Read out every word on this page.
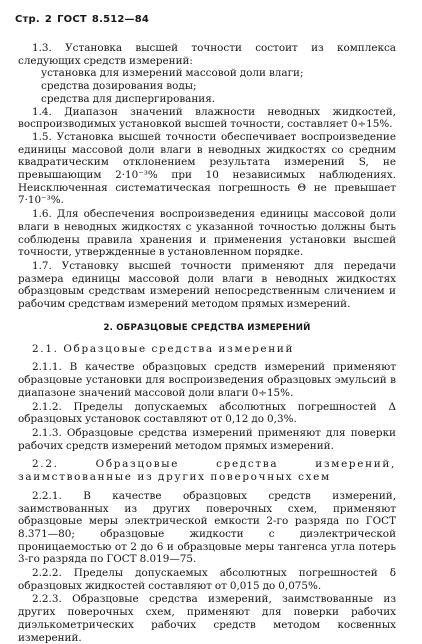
Стр. 2 ГОСТ 8.512—84

1.3. Установка высшей точности состоит из комплекса следующих средств измерений:

установка для измерений массовой доли влаги;

средства дозирования воды;

средства для диспергирования.

1.4. Диапазон значений влажности неводных жидкостей, воспроизводимых установкой высшей точности, составляет 0÷15%.

1.5. Установка высшей точности обеспечивает воспроизведение единицы массовой доли влаги в неводных жидкостях со средним квадратическим отклонением результата измерений S, не превышающим 2·10⁻³% при 10 независимых наблюдениях. Неисключенная систематическая погрешность Θ не превышает 7·10⁻³%.

1.6. Для обеспечения воспроизведения единицы массовой доли влаги в неводных жидкостях с указанной точностью должны быть соблюдены правила хранения и применения установки высшей точности, утвержденные в установленном порядке.

1.7. Установку высшей точности применяют для передачи размера единицы массовой доли влаги в неводных жидкостях образцовым средствам измерений непосредственным сличением и рабочим средствам измерений методом прямых измерений.

2. ОБРАЗЦОВЫЕ СРЕДСТВА ИЗМЕРЕНИЙ

2.1. Образцовые средства измерений

2.1.1. В качестве образцовых средств измерений применяют образцовые установки для воспроизведения образцовых эмульсий в диапазоне значений массовой доли влаги 0÷15%.

2.1.2. Пределы допускаемых абсолютных погрешностей Δ образцовых установок составляют от 0,12 до 0,3%.

2.1.3. Образцовые средства измерений применяют для поверки рабочих средств измерений методом прямых измерений.

2.2. Образцовые средства измерений, заимствованные из других поверочных схем

2.2.1. В качестве образцовых средств измерений, заимствованных из других поверочных схем, применяют образцовые меры электрической емкости 2-го разряда по ГОСТ 8.371—80; образцовые жидкости с диэлектрической проницаемостью от 2 до 6 и образцовые меры тангенса угла потерь 3-го разряда по ГОСТ 8.019—75.

2.2.2. Пределы допускаемых абсолютных погрешностей δ образцовых жидкостей составляют от 0,015 до 0,075%.

2.2.3. Образцовые средства измерений, заимствованные из других поверочных схем, применяют для поверки рабочих диэлькометрических рабочих средств методом косвенных измерений.
